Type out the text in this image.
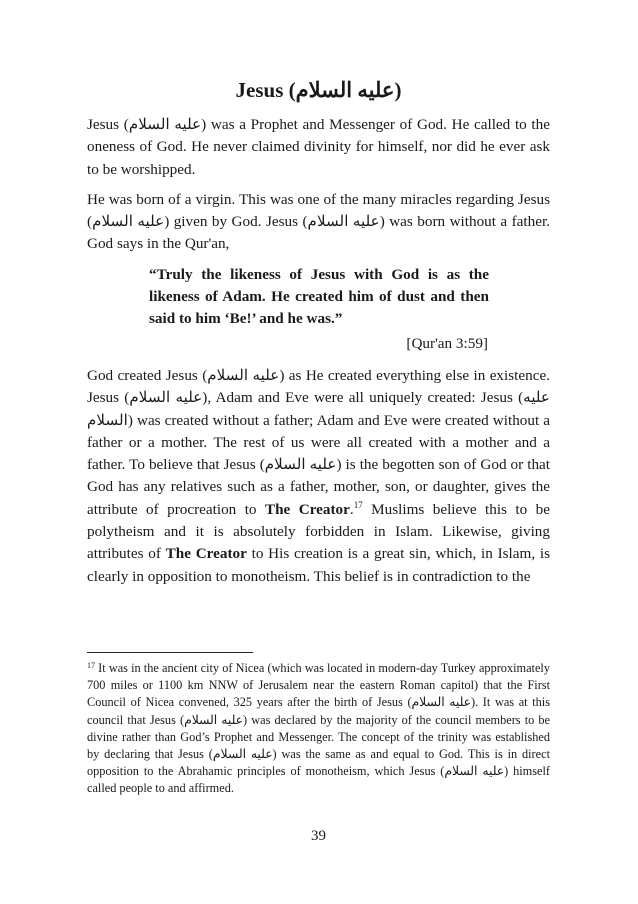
Jesus (عليه السلام)

Jesus (عليه السلام) was a Prophet and Messenger of God. He called to the oneness of God. He never claimed divinity for himself, nor did he ever ask to be worshipped.

He was born of a virgin. This was one of the many miracles regarding Jesus (عليه السلام) given by God. Jesus (عليه السلام) was born without a father. God says in the Qur'an,

“Truly the likeness of Jesus with God is as the likeness of Adam. He created him of dust and then said to him ‘Be!’ and he was.”
[Qur'an 3:59]

God created Jesus (عليه السلام) as He created everything else in existence. Jesus (عليه السلام), Adam and Eve were all uniquely created: Jesus (عليه السلام) was created without a father; Adam and Eve were created without a father or a mother. The rest of us were all created with a mother and a father. To believe that Jesus (عليه السلام) is the begotten son of God or that God has any relatives such as a father, mother, son, or daughter, gives the attribute of procreation to The Creator.$^{17}$ Muslims believe this to be polytheism and it is absolutely forbidden in Islam. Likewise, giving attributes of The Creator to His creation is a great sin, which, in Islam, is clearly in opposition to monotheism. This belief is in contradiction to the

$^{17}$ It was in the ancient city of Nicea (which was located in modern-day Turkey approximately 700 miles or 1100 km NNW of Jerusalem near the eastern Roman capitol) that the First Council of Nicea convened, 325 years after the birth of Jesus (عليه السلام). It was at this council that Jesus (عليه السلام) was declared by the majority of the council members to be divine rather than God’s Prophet and Messenger. The concept of the trinity was established by declaring that Jesus (عليه السلام) was the same as and equal to God. This is in direct opposition to the Abrahamic principles of monotheism, which Jesus (عليه السلام) himself called people to and affirmed.
39
